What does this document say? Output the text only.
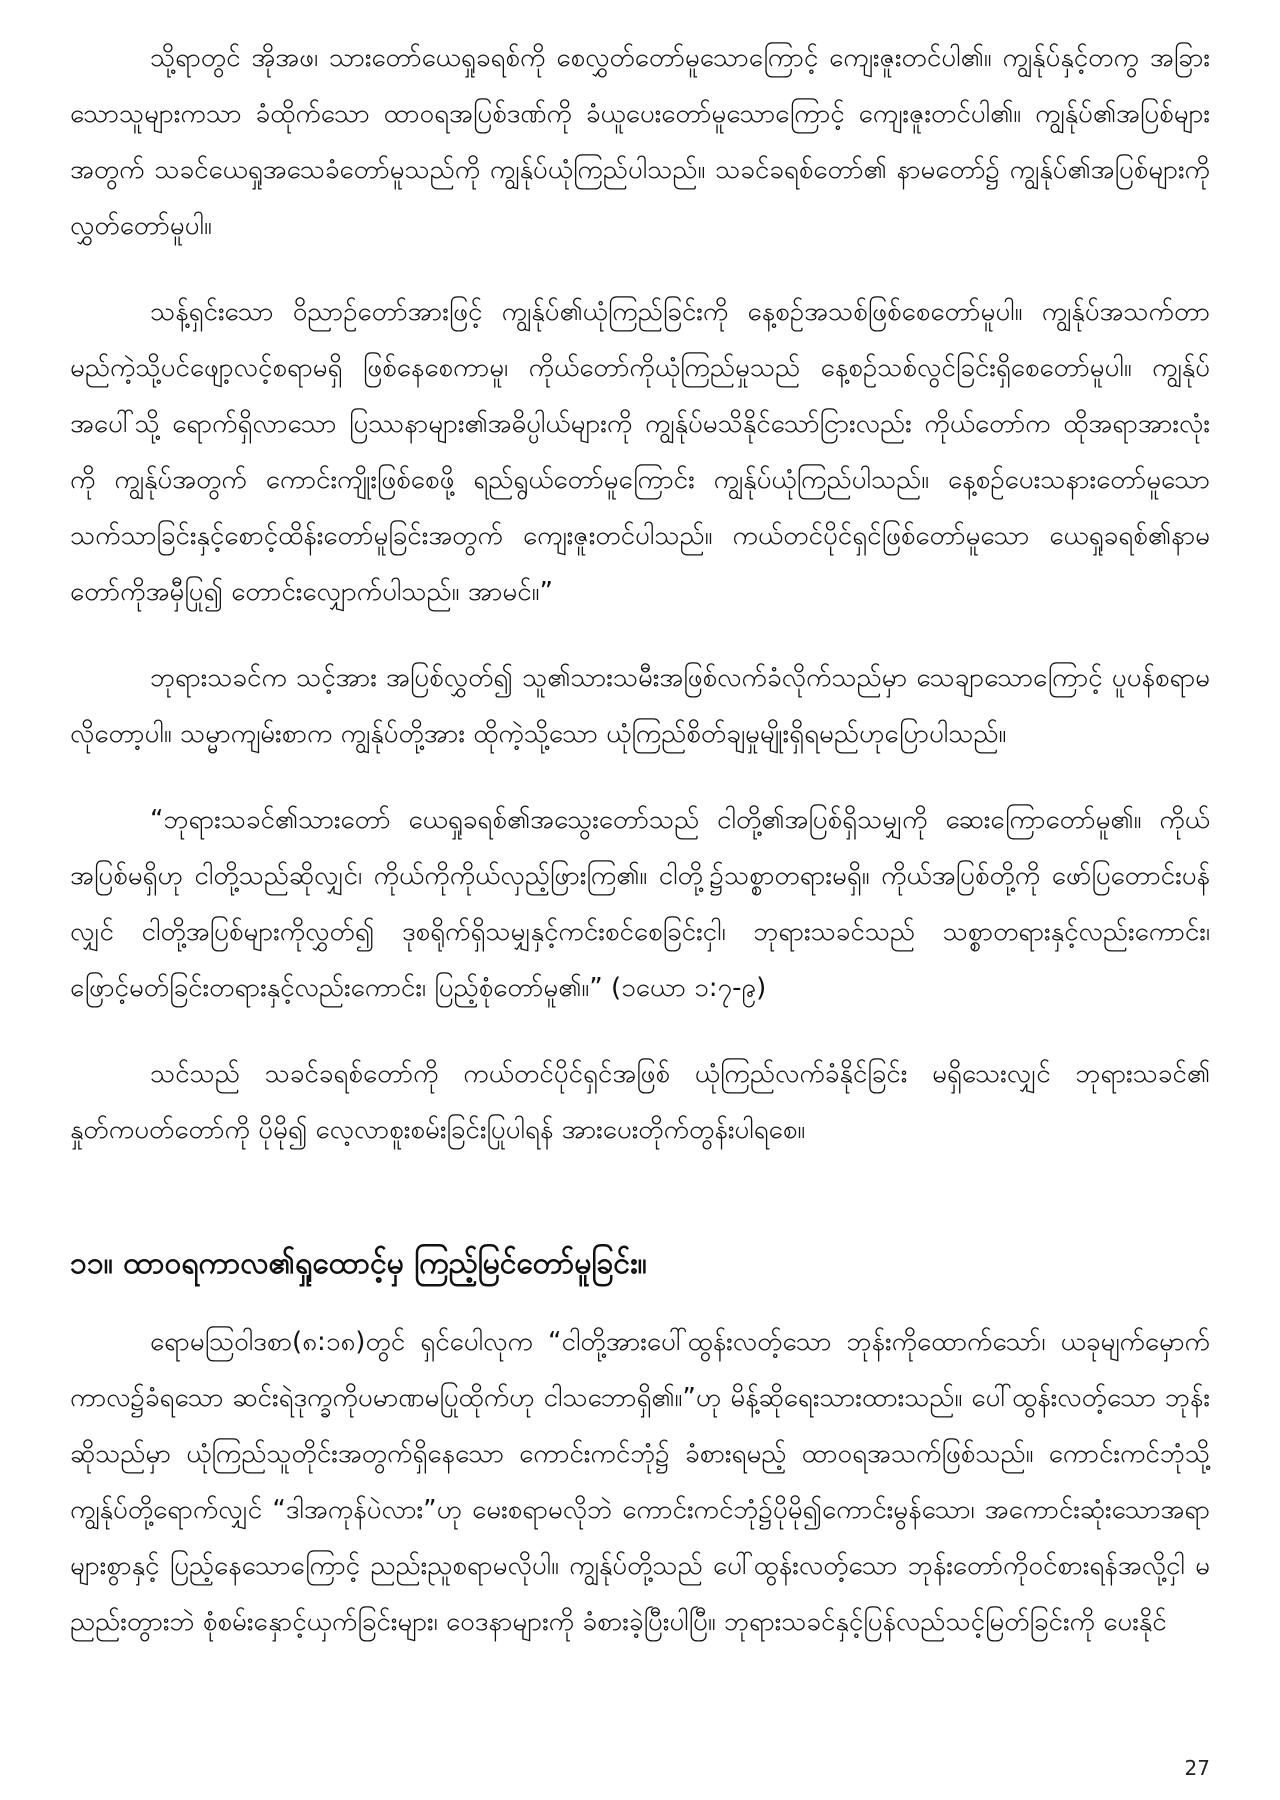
သို့ရာတွင် အိုအဖ၊ သားတော်ယေရှုခရစ်ကို စေလွှတ်တော်မူသောကြောင့် ကျေးဇူးတင်ပါ၏။ ကျွန်ုပ်နှင့်တကွ အခြားသောသူများကသာ ခံထိုက်သော ထာဝရအပြစ်ဒဏ်ကို ခံယူပေးတော်မူသောကြောင့် ကျေးဇူးတင်ပါ၏။ ကျွန်ုပ်၏အပြစ်များအတွက် သခင်ယေရှုအသေခံတော်မူသည်ကို ကျွန်ုပ်ယုံကြည်ပါသည်။ သခင်ခရစ်တော်၏ နာမတော်၌ ကျွန်ုပ်၏အပြစ်များကို လွှတ်တော်မူပါ။

သန့်ရှင်းသော ဝိညာဉ်တော်အားဖြင့် ကျွန်ုပ်၏ယုံကြည်ခြင်းကို နေ့စဉ်အသစ်ဖြစ်စေတော်မူပါ။ ကျွန်ုပ်အသက်တာ မည်ကဲ့သို့ပင်ဖျော့လင့်စရာမရှိ ဖြစ်နေစေကာမူ၊ ကိုယ်တော်ကိုယုံကြည်မှုသည် နေ့စဉ်သစ်လွင်ခြင်းရှိစေတော်မူပါ။ ကျွန်ုပ်အပေါ်သို့ ရောက်ရှိလာသော ပြဿနာများ၏အဓိပ္ပါယ်များကို ကျွန်ုပ်မသိနိုင်သော်ငြားလည်း ကိုယ်တော်က ထိုအရာအားလုံးကို ကျွန်ုပ်အတွက် ကောင်းကျိုးဖြစ်စေဖို့ ရည်ရွယ်တော်မူကြောင်း ကျွန်ုပ်ယုံကြည်ပါသည်။ နေ့စဉ်ပေးသနားတော်မူသော သက်သာခြင်းနှင့်စောင့်ထိန်းတော်မူခြင်းအတွက် ကျေးဇူးတင်ပါသည်။ ကယ်တင်ပိုင်ရှင်ဖြစ်တော်မူသော ယေရှုခရစ်၏နာမတော်ကိုအမှီပြု၍ တောင်းလျှောက်ပါသည်။ အာမင်။”

ဘုရားသခင်က သင့်အား အပြစ်လွှတ်၍ သူ၏သားသမီးအဖြစ်လက်ခံလိုက်သည်မှာ သေချာသောကြောင့် ပူပန်စရာမလိုတော့ပါ။ သမ္မာကျမ်းစာက ကျွန်ုပ်တို့အား ထိုကဲ့သို့သော ယုံကြည်စိတ်ချမှုမျိုးရှိရမည်ဟုပြောပါသည်။

“ဘုရားသခင်၏သားတော် ယေရှုခရစ်၏အသွေးတော်သည် ငါတို့၏အပြစ်ရှိသမျှကို ဆေးကြောတော်မူ၏။ ကိုယ်အပြစ်မရှိဟု ငါတို့သည်ဆိုလျှင်၊ ကိုယ်ကိုကိုယ်လှည့်ဖြားကြ၏။ ငါတို့၌သစ္စာတရားမရှိ။ ကိုယ်အပြစ်တို့ကို ဖော်ပြတောင်းပန်လျှင် ငါတို့အပြစ်များကိုလွှတ်၍ ဒုစရိုက်ရှိသမျှနှင့်ကင်းစင်စေခြင်းငှါ၊ ဘုရားသခင်သည် သစ္စာတရားနှင့်လည်းကောင်း၊ ဖြောင့်မတ်ခြင်းတရားနှင့်လည်းကောင်း၊ ပြည့်စုံတော်မူ၏။” (၁ယော ၁:၇-၉)

သင်သည် သခင်ခရစ်တော်ကို ကယ်တင်ပိုင်ရှင်အဖြစ် ယုံကြည်လက်ခံနိုင်ခြင်း မရှိသေးလျှင် ဘုရားသခင်၏ နှုတ်ကပတ်တော်ကို ပိုမို၍ လေ့လာစူးစမ်းခြင်းပြုပါရန် အားပေးတိုက်တွန်းပါရစေ။

၁၁။ ထာဝရကာလ၏ရှုထောင့်မှ ကြည့်မြင်တော်မူခြင်း။

ရောမဩဝါဒစာ(၈:၁၈)တွင် ရှင်ပေါလုက “ငါတို့အားပေါ်ထွန်းလတ့်သော ဘုန်းကိုထောက်သော်၊ ယခုမျက်မှောက်ကာလ၌ခံရသော ဆင်းရဲဒုက္ခကိုပမာဏမပြုထိုက်ဟု ငါသဘောရှိ၏။”ဟု မိန့်ဆိုရေးသားထားသည်။ ပေါ်ထွန်းလတ့်သော ဘုန်းဆိုသည်မှာ ယုံကြည်သူတိုင်းအတွက်ရှိနေသော ကောင်းကင်ဘုံ၌ ခံစားရမည့် ထာဝရအသက်ဖြစ်သည်။ ကောင်းကင်ဘုံသို့ကျွန်ုပ်တို့ရောက်လျှင် “ဒါအကုန်ပဲလား”ဟု မေးစရာမလိုဘဲ ကောင်းကင်ဘုံ၌ပိုမို၍ကောင်းမွန်သော၊ အကောင်းဆုံးသောအရာများစွာနှင့် ပြည့်နေသောကြောင့် ညည်းညူစရာမလိုပါ။ ကျွန်ုပ်တို့သည် ပေါ်ထွန်းလတ့်သော ဘုန်းတော်ကိုဝင်စားရန်အလို့ငှါ မညည်းတွားဘဲ စုံစမ်းနှောင့်ယှက်ခြင်းများ၊ ဝေဒနာများကို ခံစားခဲ့ပြီးပါပြီ။ ဘုရားသခင်နှင့်ပြန်လည်သင့်မြတ်ခြင်းကို ပေးနိုင်

27
